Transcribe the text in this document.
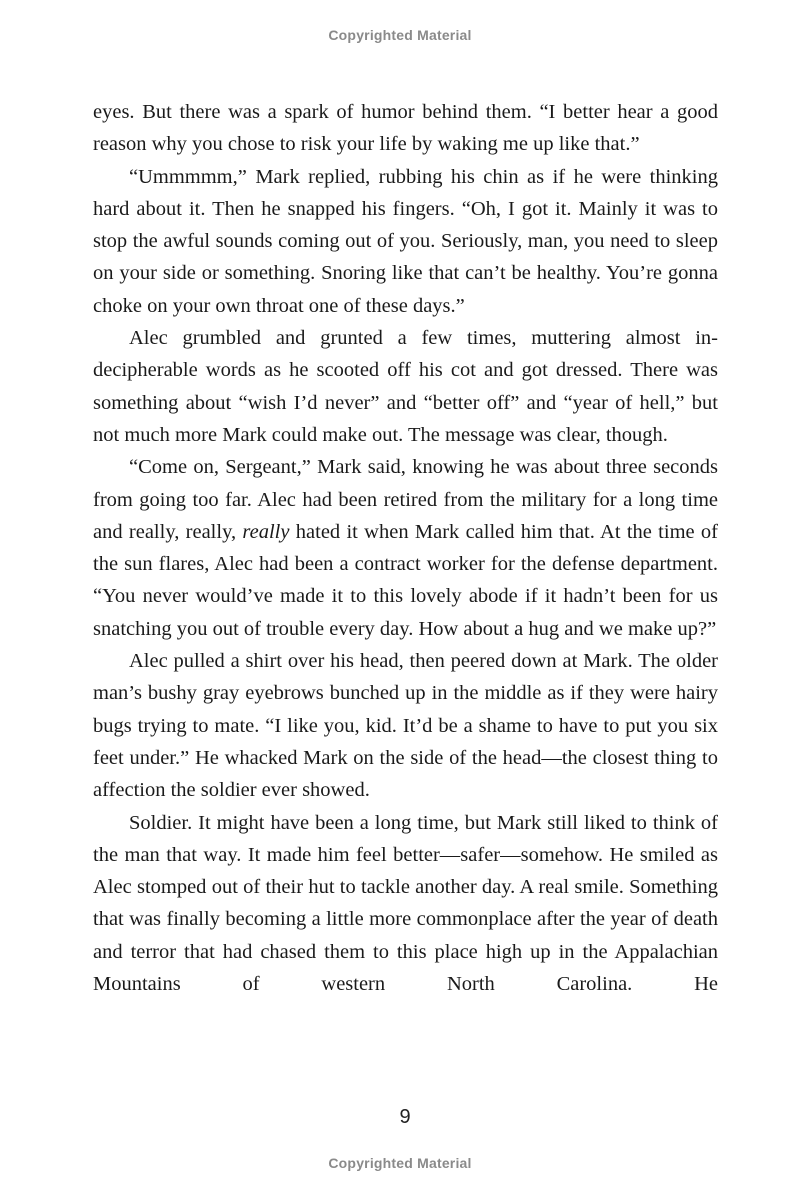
Copyrighted Material

eyes. But there was a spark of humor behind them. “I better hear a good reason why you chose to risk your life by waking me up like that.”

“Ummmmm,” Mark replied, rubbing his chin as if he were thinking hard about it. Then he snapped his fingers. “Oh, I got it. Mainly it was to stop the awful sounds coming out of you. Seriously, man, you need to sleep on your side or something. Snoring like that can’t be healthy. You’re gonna choke on your own throat one of these days.”

Alec grumbled and grunted a few times, muttering almost indecipherable words as he scooted off his cot and got dressed. There was something about “wish I’d never” and “better off” and “year of hell,” but not much more Mark could make out. The message was clear, though.

“Come on, Sergeant,” Mark said, knowing he was about three seconds from going too far. Alec had been retired from the military for a long time and really, really, really hated it when Mark called him that. At the time of the sun flares, Alec had been a contract worker for the defense department. “You never would’ve made it to this lovely abode if it hadn’t been for us snatching you out of trouble every day. How about a hug and we make up?”

Alec pulled a shirt over his head, then peered down at Mark. The older man’s bushy gray eyebrows bunched up in the middle as if they were hairy bugs trying to mate. “I like you, kid. It’d be a shame to have to put you six feet under.” He whacked Mark on the side of the head—the closest thing to affection the soldier ever showed.

Soldier. It might have been a long time, but Mark still liked to think of the man that way. It made him feel better—safer—somehow. He smiled as Alec stomped out of their hut to tackle another day. A real smile. Something that was finally becoming a little more commonplace after the year of death and terror that had chased them to this place high up in the Appalachian Mountains of western North Carolina. He

9
Copyrighted Material
